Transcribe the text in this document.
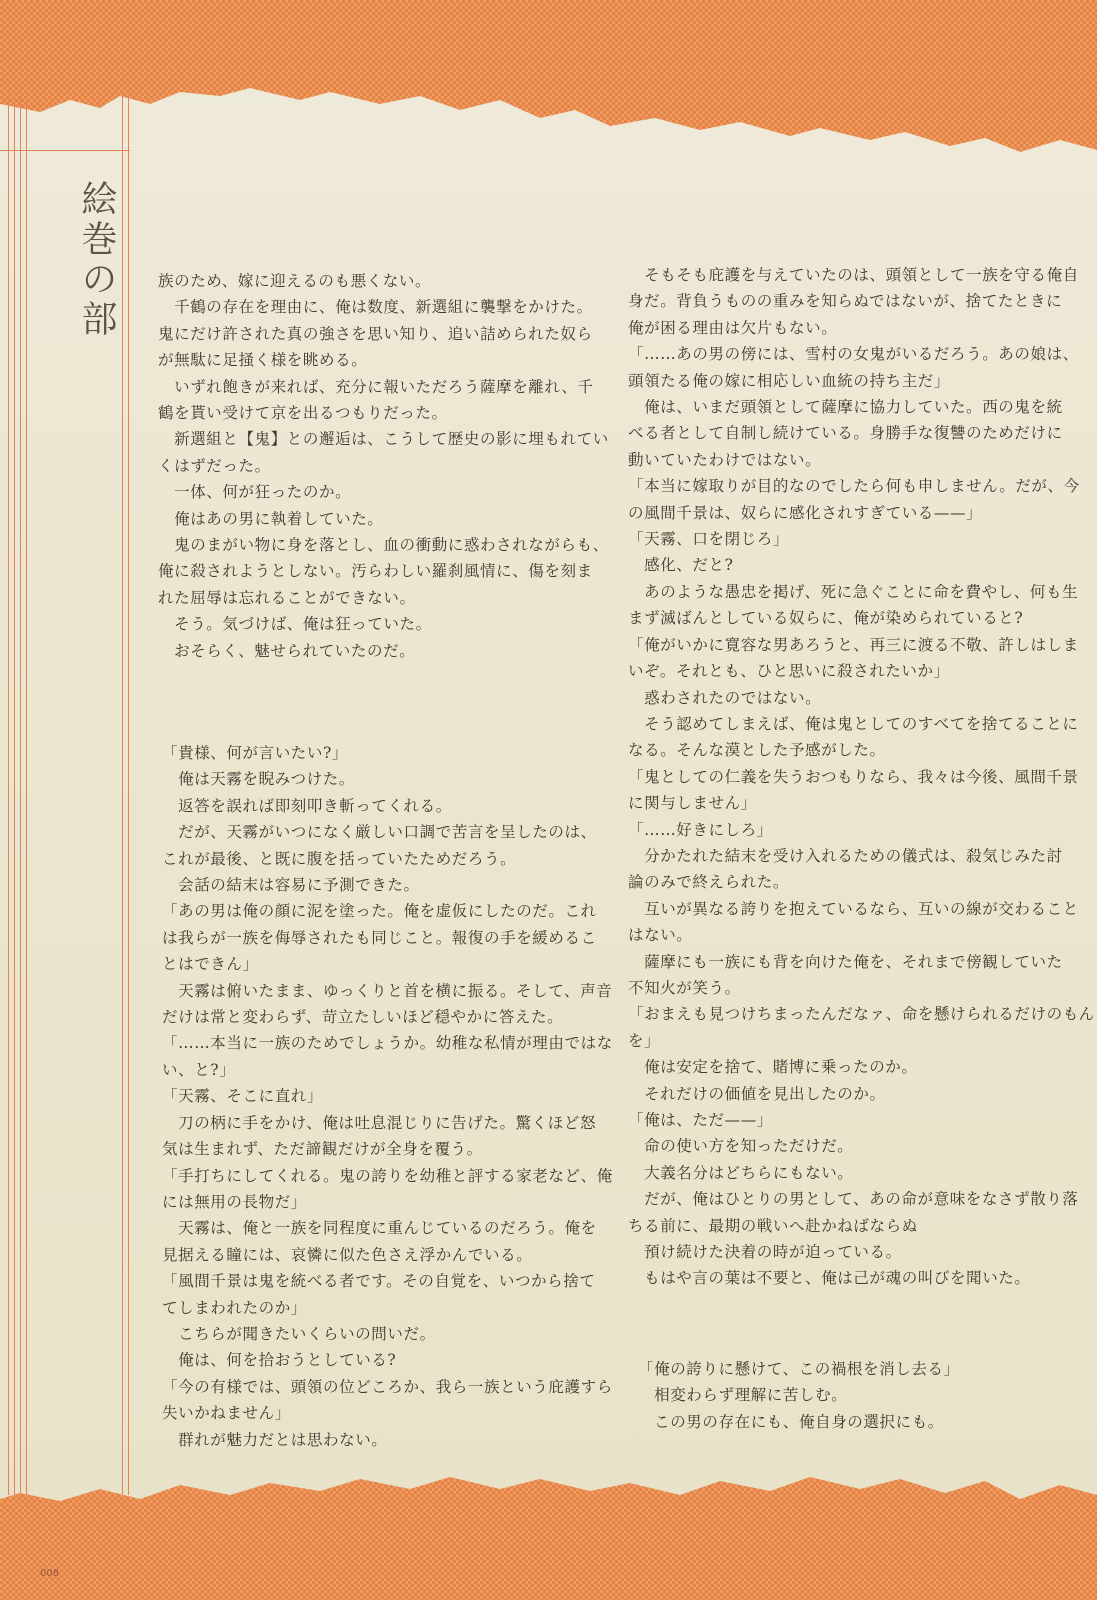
絵巻の部	族のため、嫁に迎えるのも悪くない。

　千鶴の存在を理由に、俺は数度、新選組に襲撃をかけた。

鬼にだけ許された真の強さを思い知り、追い詰められた奴ら

が無駄に足掻く様を眺める。

　いずれ飽きが来れば、充分に報いただろう薩摩を離れ、千

鶴を貰い受けて京を出るつもりだった。

　新選組と【鬼】との邂逅は、こうして歴史の影に埋もれてい

くはずだった。

　一体、何が狂ったのか。

　俺はあの男に執着していた。

　鬼のまがい物に身を落とし、血の衝動に惑わされながらも、

俺に殺されようとしない。汚らわしい羅刹風情に、傷を刻ま

れた屈辱は忘れることができない。

　そう。気づけば、俺は狂っていた。

　おそらく、魅せられていたのだ。

「貴様、何が言いたい?」

　俺は天霧を睨みつけた。

　返答を誤れば即刻叩き斬ってくれる。

　だが、天霧がいつになく厳しい口調で苦言を呈したのは、

これが最後、と既に腹を括っていたためだろう。

　会話の結末は容易に予測できた。

「あの男は俺の顔に泥を塗った。俺を虚仮にしたのだ。これ

は我らが一族を侮辱されたも同じこと。報復の手を緩めるこ

とはできん」

　天霧は俯いたまま、ゆっくりと首を横に振る。そして、声音

だけは常と変わらず、苛立たしいほど穏やかに答えた。

「……本当に一族のためでしょうか。幼稚な私情が理由ではな

い、と?」

「天霧、そこに直れ」

　刀の柄に手をかけ、俺は吐息混じりに告げた。驚くほど怒

気は生まれず、ただ諦観だけが全身を覆う。

「手打ちにしてくれる。鬼の誇りを幼稚と評する家老など、俺

には無用の長物だ」

　天霧は、俺と一族を同程度に重んじているのだろう。俺を

見据える瞳には、哀憐に似た色さえ浮かんでいる。

「風間千景は鬼を統べる者です。その自覚を、いつから捨て

てしまわれたのか」

　こちらが聞きたいくらいの問いだ。

　俺は、何を拾おうとしている?

「今の有様では、頭領の位どころか、我ら一族という庇護すら

失いかねません」

　群れが魅力だとは思わない。

　そもそも庇護を与えていたのは、頭領として一族を守る俺自

身だ。背負うものの重みを知らぬではないが、捨てたときに

俺が困る理由は欠片もない。

「……あの男の傍には、雪村の女鬼がいるだろう。あの娘は、

頭領たる俺の嫁に相応しい血統の持ち主だ」

　俺は、いまだ頭領として薩摩に協力していた。西の鬼を統

べる者として自制し続けている。身勝手な復讐のためだけに

動いていたわけではない。

「本当に嫁取りが目的なのでしたら何も申しません。だが、今

の風間千景は、奴らに感化されすぎている——」

「天霧、口を閉じろ」

　感化、だと?

　あのような愚忠を掲げ、死に急ぐことに命を費やし、何も生

まず滅ばんとしている奴らに、俺が染められていると?

「俺がいかに寛容な男あろうと、再三に渡る不敬、許しはしま

いぞ。それとも、ひと思いに殺されたいか」

　惑わされたのではない。

　そう認めてしまえば、俺は鬼としてのすべてを捨てることに

なる。そんな漠とした予感がした。

「鬼としての仁義を失うおつもりなら、我々は今後、風間千景

に関与しません」

「……好きにしろ」

　分かたれた結末を受け入れるための儀式は、殺気じみた討

論のみで終えられた。

　互いが異なる誇りを抱えているなら、互いの線が交わること

はない。

　薩摩にも一族にも背を向けた俺を、それまで傍観していた

不知火が笑う。

「おまえも見つけちまったんだなァ、命を懸けられるだけのもん

を」

　俺は安定を捨て、賭博に乗ったのか。

　それだけの価値を見出したのか。

「俺は、ただ——」

　命の使い方を知っただけだ。

　大義名分はどちらにもない。

　だが、俺はひとりの男として、あの命が意味をなさず散り落

ちる前に、最期の戦いへ赴かねばならぬ

　預け続けた決着の時が迫っている。

　もはや言の葉は不要と、俺は己が魂の叫びを聞いた。

「俺の誇りに懸けて、この禍根を消し去る」

　相変わらず理解に苦しむ。

　この男の存在にも、俺自身の選択にも。

008
